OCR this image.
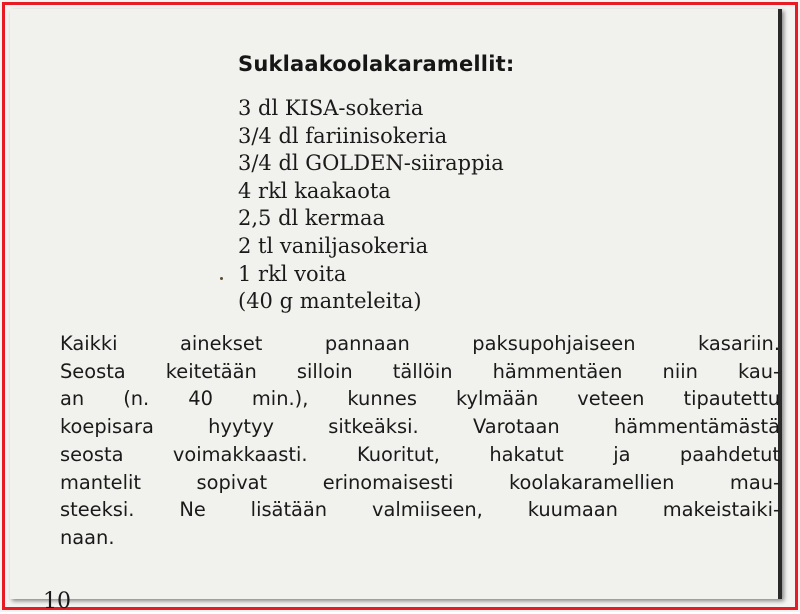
Suklaakoolakaramellit:
3 dl KISA-sokeria
3/4 dl fariinisokeria
3/4 dl GOLDEN-siirappia
4 rkl kaakaota
2,5 dl kermaa
2 tl vaniljasokeria
1 rkl voita
(40 g manteleita)
Kaikki ainekset pannaan paksupohjaiseen kasariin.
Seosta keitetään silloin tällöin hämmentäen niin kau-
an (n. 40 min.), kunnes kylmään veteen tipautettu
koepisara hyytyy sitkeäksi. Varotaan hämmentämästä
seosta voimakkaasti. Kuoritut, hakatut ja paahdetut
mantelit sopivat erinomaisesti koolakaramellien mau-
steeksi. Ne lisätään valmiiseen, kuumaan makeistaiki-
naan.
10
